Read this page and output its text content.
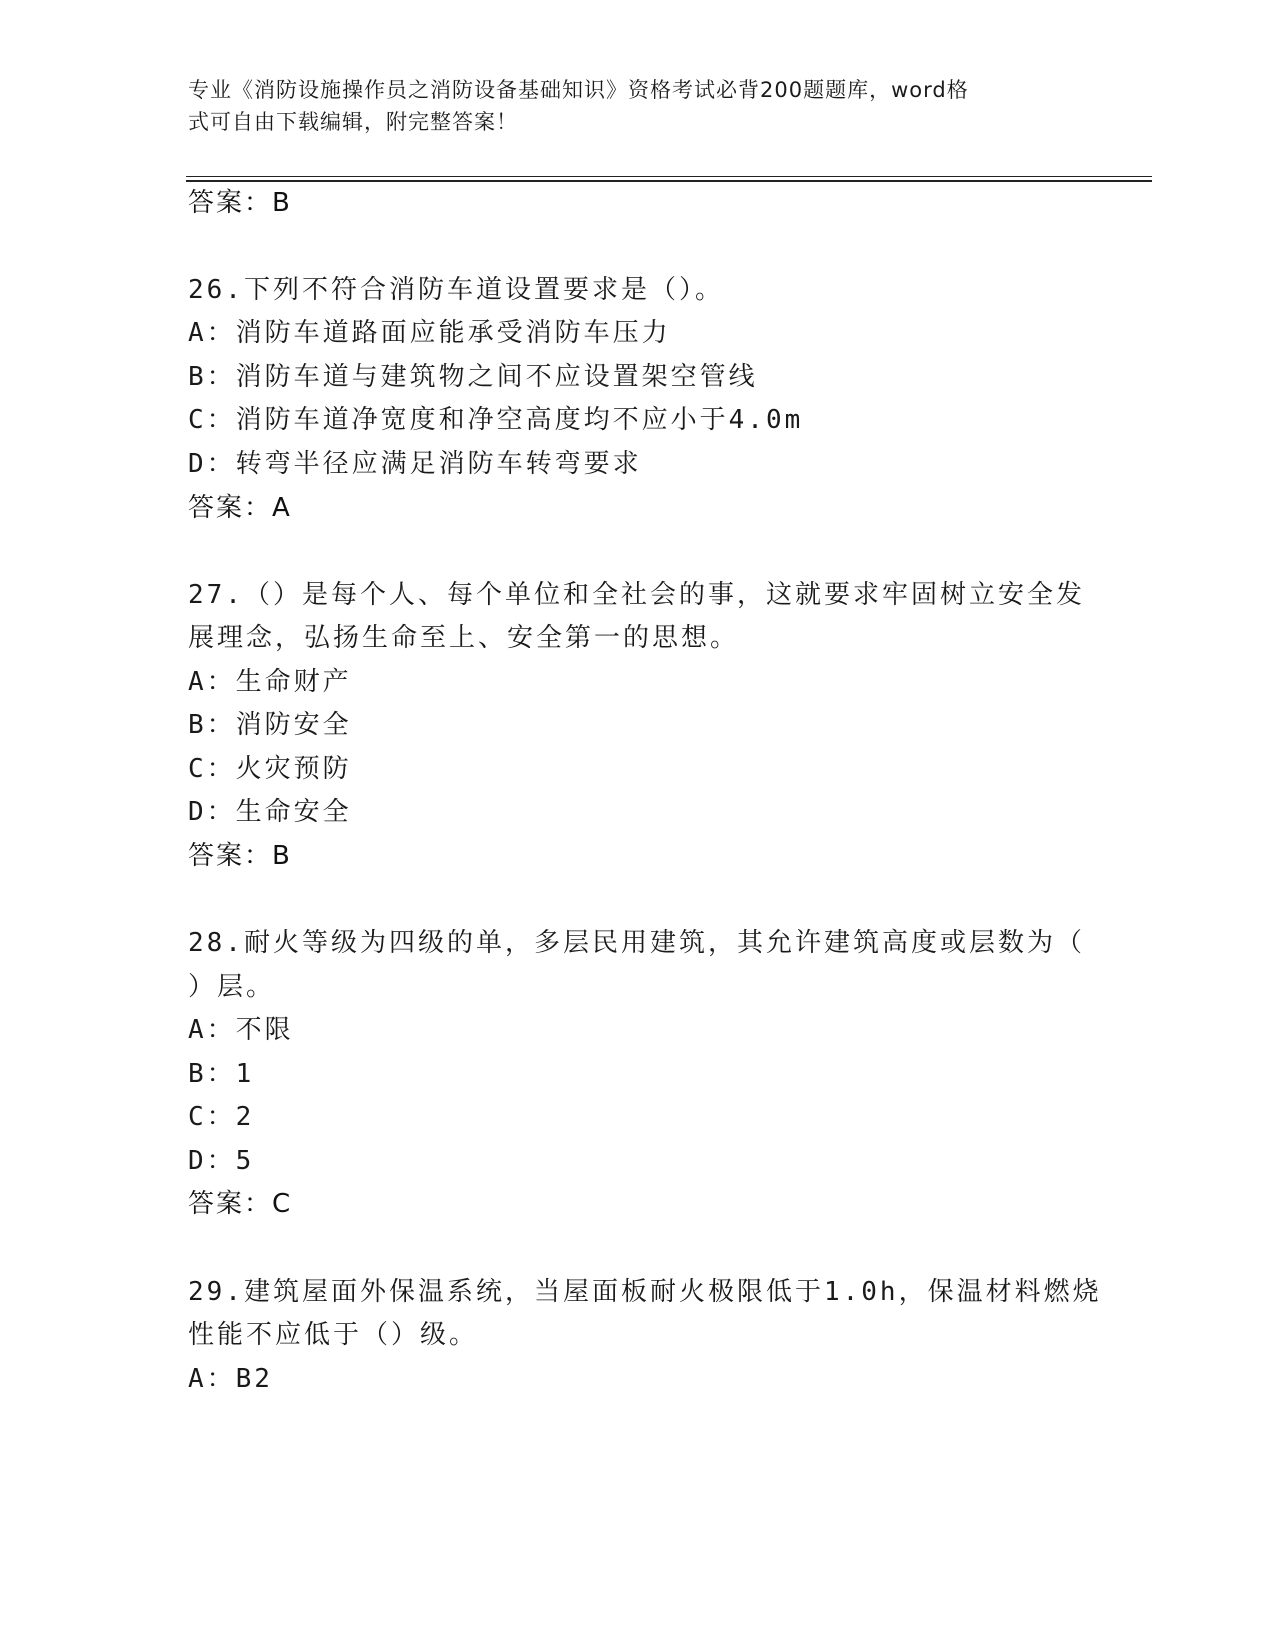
专业《消防设施操作员之消防设备基础知识》资格考试必背200题题库，word格
式可自由下载编辑，附完整答案！
答案：B
26.下列不符合消防车道设置要求是（）。
A：消防车道路面应能承受消防车压力
B：消防车道与建筑物之间不应设置架空管线
C：消防车道净宽度和净空高度均不应小于4.0m
D：转弯半径应满足消防车转弯要求
答案：A
27.（）是每个人、每个单位和全社会的事，这就要求牢固树立安全发
展理念，弘扬生命至上、安全第一的思想。
A：生命财产
B：消防安全
C：火灾预防
D：生命安全
答案：B
28.耐火等级为四级的单，多层民用建筑，其允许建筑高度或层数为（
）层。
A：不限
B：1
C：2
D：5
答案：C
29.建筑屋面外保温系统，当屋面板耐火极限低于1.0h，保温材料燃烧
性能不应低于（）级。
A：B2
